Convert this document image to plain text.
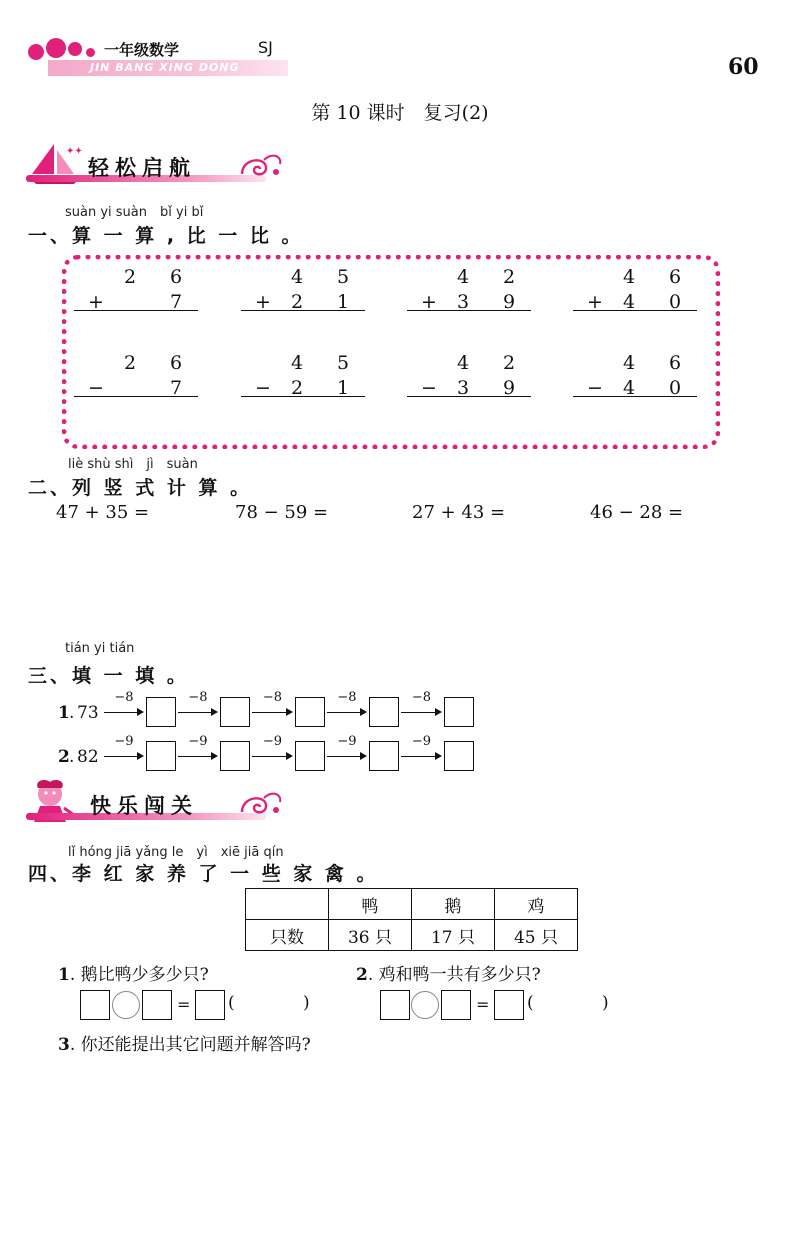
一年级数学	SJ
JIN BANG XING DONG	60
第 10 课时　复习(2)
✦✦
轻松启航
suàn yi suàn　bǐ yi bǐ
一、算 一 算 , 比 一 比 。
2 6
+	7
4 5
+ 2 1
4 2
+ 3 9
4 6
+ 4 0
2 6
−	7
4 5
− 2 1
4 2
− 3 9
4 6
− 4 0
liè shù shì　jì　suàn
二、列 竖 式 计 算 。
47 + 35 =	78 − 59 =	27 + 43 =	46 − 28 =
tián yi tián
三、填 一 填 。
1 . 73
−8	−8	−8	−8	−8
2 . 82
−9	−9	−9	−9	−9
快乐闯关
lǐ hóng jiā yǎng le　yì　xiē jiā qín
四、李 红 家 养 了 一 些 家 禽 。
	鸭	鹅	鸡
只数	36 只	17 只	45 只
1. 鹅比鸭少多少只?	2. 鸡和鸭一共有多少只?
= (	)	= (	)
3. 你还能提出其它问题并解答吗?
